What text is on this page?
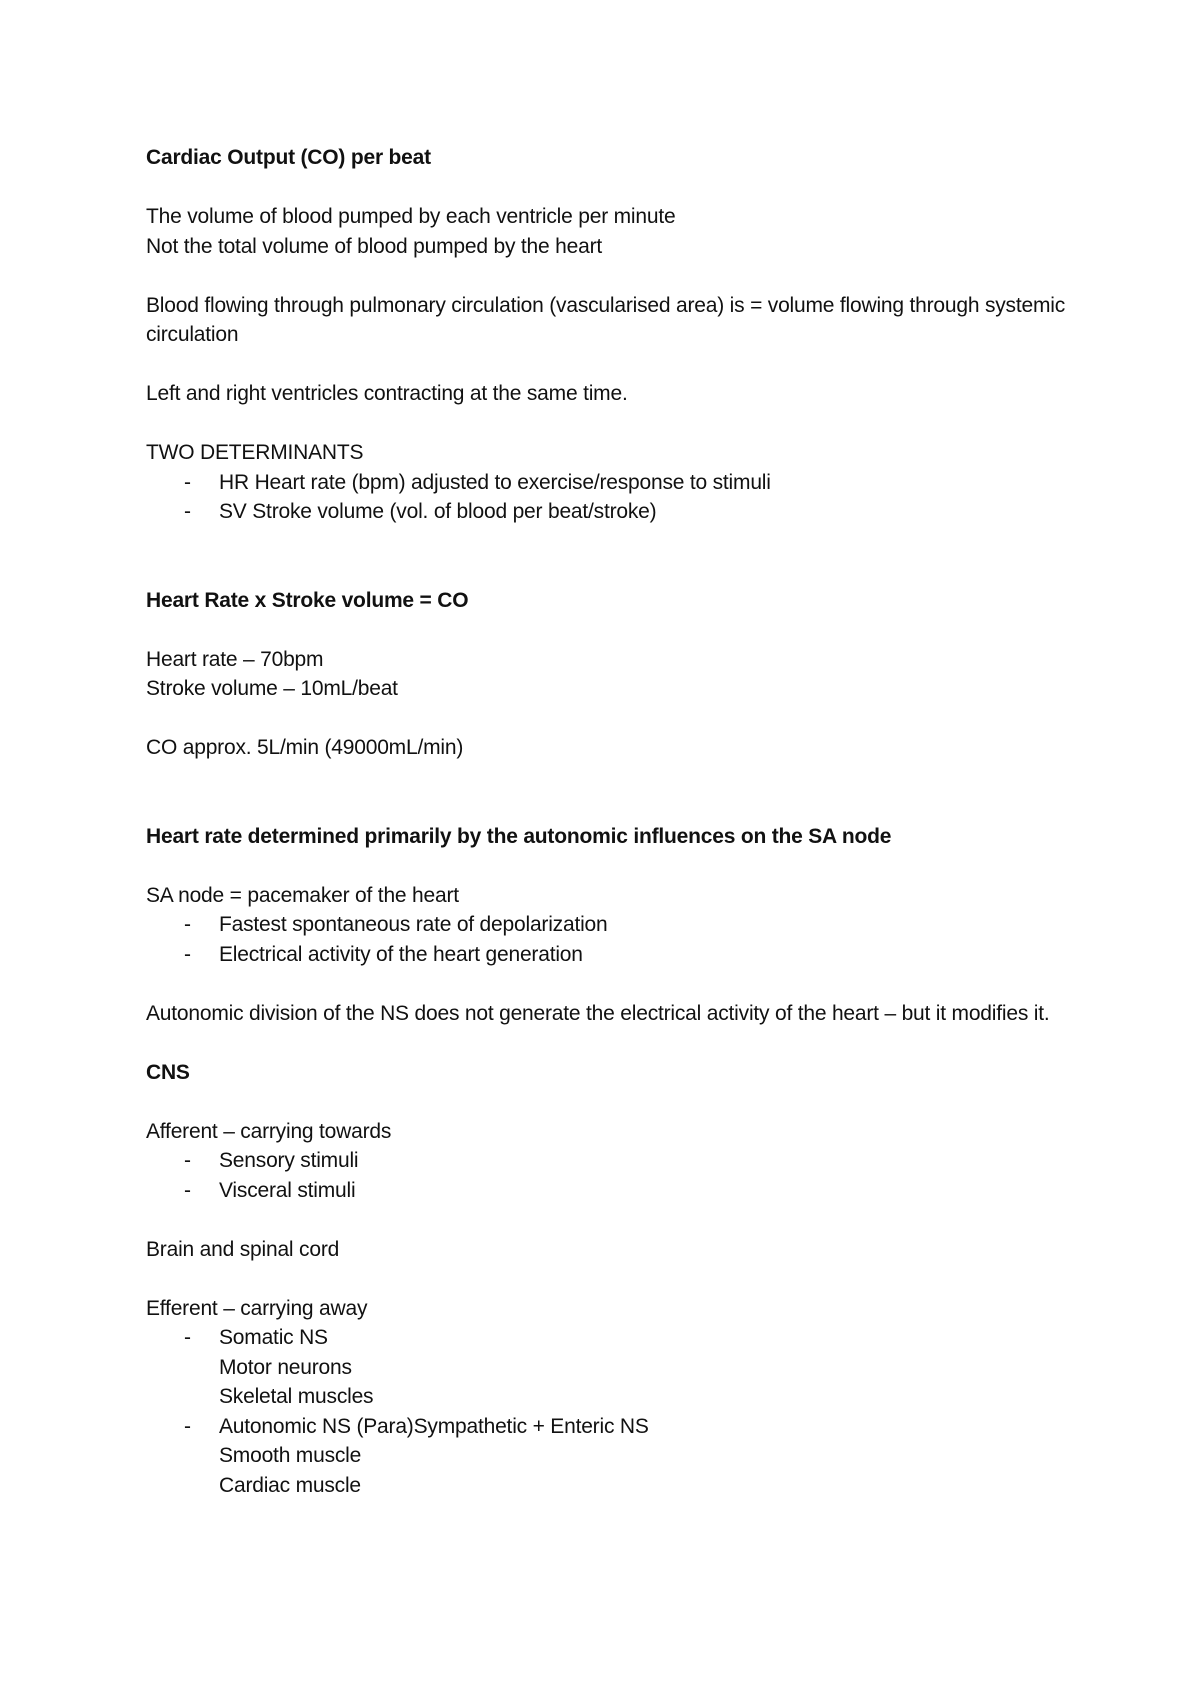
Cardiac Output (CO) per beat

The volume of blood pumped by each ventricle per minute

Not the total volume of blood pumped by the heart

Blood flowing through pulmonary circulation (vascularised area) is = volume flowing through systemic circulation

Left and right ventricles contracting at the same time.

TWO DETERMINANTS

- HR Heart rate (bpm) adjusted to exercise/response to stimuli
- SV Stroke volume (vol. of blood per beat/stroke)

Heart Rate x Stroke volume = CO

Heart rate – 70bpm

Stroke volume – 10mL/beat

CO approx. 5L/min (49000mL/min)

Heart rate determined primarily by the autonomic influences on the SA node

SA node = pacemaker of the heart

- Fastest spontaneous rate of depolarization
- Electrical activity of the heart generation

Autonomic division of the NS does not generate the electrical activity of the heart – but it modifies it.

CNS

Afferent – carrying towards

- Sensory stimuli
- Visceral stimuli

Brain and spinal cord

Efferent – carrying away

- Somatic NS
Motor neurons
Skeletal muscles
- Autonomic NS (Para)Sympathetic + Enteric NS
Smooth muscle
Cardiac muscle
